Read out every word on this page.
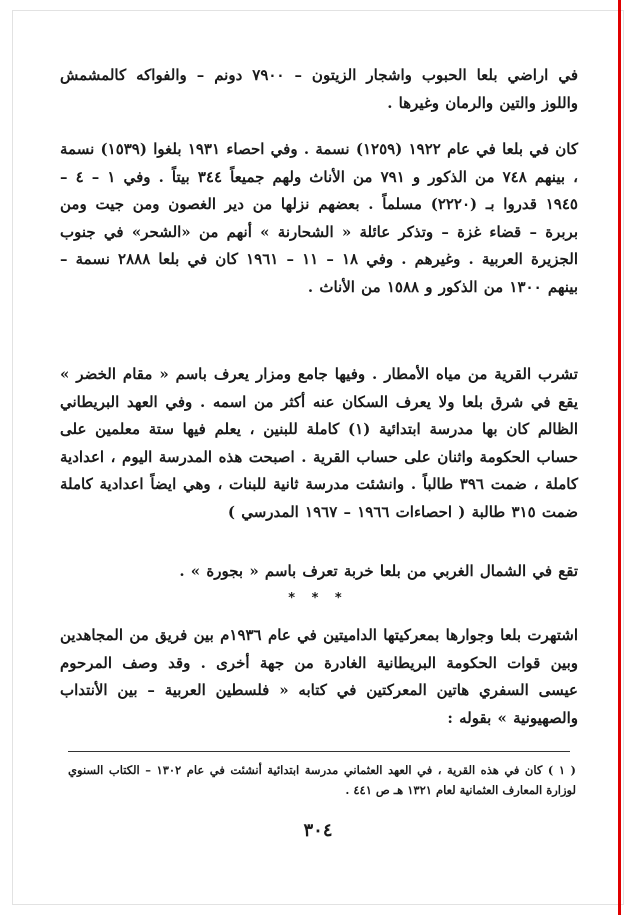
في اراضي بلعا الحبوب واشجار الزيتون – ٧٩٠٠ دونم – والفواكه كالمشمش واللوز والتين والرمان وغيرها .
كان في بلعا في عام ١٩٢٢ (١٢٥٩) نسمة . وفي احصاء ١٩٣١ بلغوا (١٥٣٩) نسمة ، بينهم ٧٤٨ من الذكور و ٧٩١ من الأناث ولهم جميعاً ٣٤٤ بيتاً . وفي ١ – ٤ – ١٩٤٥ قدروا بـ (٢٢٢٠) مسلماً . بعضهم نزلها من دير الغصون ومن جيت ومن بربرة – قضاء غزة – وتذكر عائلة « الشحارنة » أنهم من «الشحر» في جنوب الجزيرة العربية . وغيرهم . وفي ١٨ – ١١ – ١٩٦١ كان في بلعا ٢٨٨٨ نسمة – بينهم ١٣٠٠ من الذكور و ١٥٨٨ من الأناث .
تشرب القرية من مياه الأمطار . وفيها جامع ومزار يعرف باسم « مقام الخضر » يقع في شرق بلعا ولا يعرف السكان عنه أكثر من اسمه . وفي العهد البريطاني الظالم كان بها مدرسة ابتدائية (١) كاملة للبنين ، يعلم فيها ستة معلمين على حساب الحكومة واثنان على حساب القرية . اصبحت هذه المدرسة اليوم ، اعدادية كاملة ، ضمت ٣٩٦ طالباً . وانشئت مدرسة ثانية للبنات ، وهي ايضاً اعدادية كاملة ضمت ٣١٥ طالبة ( احصاءات ١٩٦٦ – ١٩٦٧ المدرسي )
تقع في الشمال الغربي من بلعا خربة تعرف باسم « بجورة » .
* * *
اشتهرت بلعا وجوارها بمعركيتها الداميتين في عام ١٩٣٦م بين فريق من المجاهدين وبين قوات الحكومة البريطانية الغادرة من جهة أخرى . وقد وصف المرحوم عيسى السفري هاتين المعركتين في كتابه « فلسطين العربية – بين الأنتداب والصهيونية » بقوله :
( ١ ) كان في هذه القرية ، في العهد العثماني مدرسة ابتدائية أنشئت في عام ١٣٠٢ – الكتاب السنوي لوزارة المعارف العثمانية لعام ١٣٢١ هـ ص ٤٤١ .
٣٠٤
